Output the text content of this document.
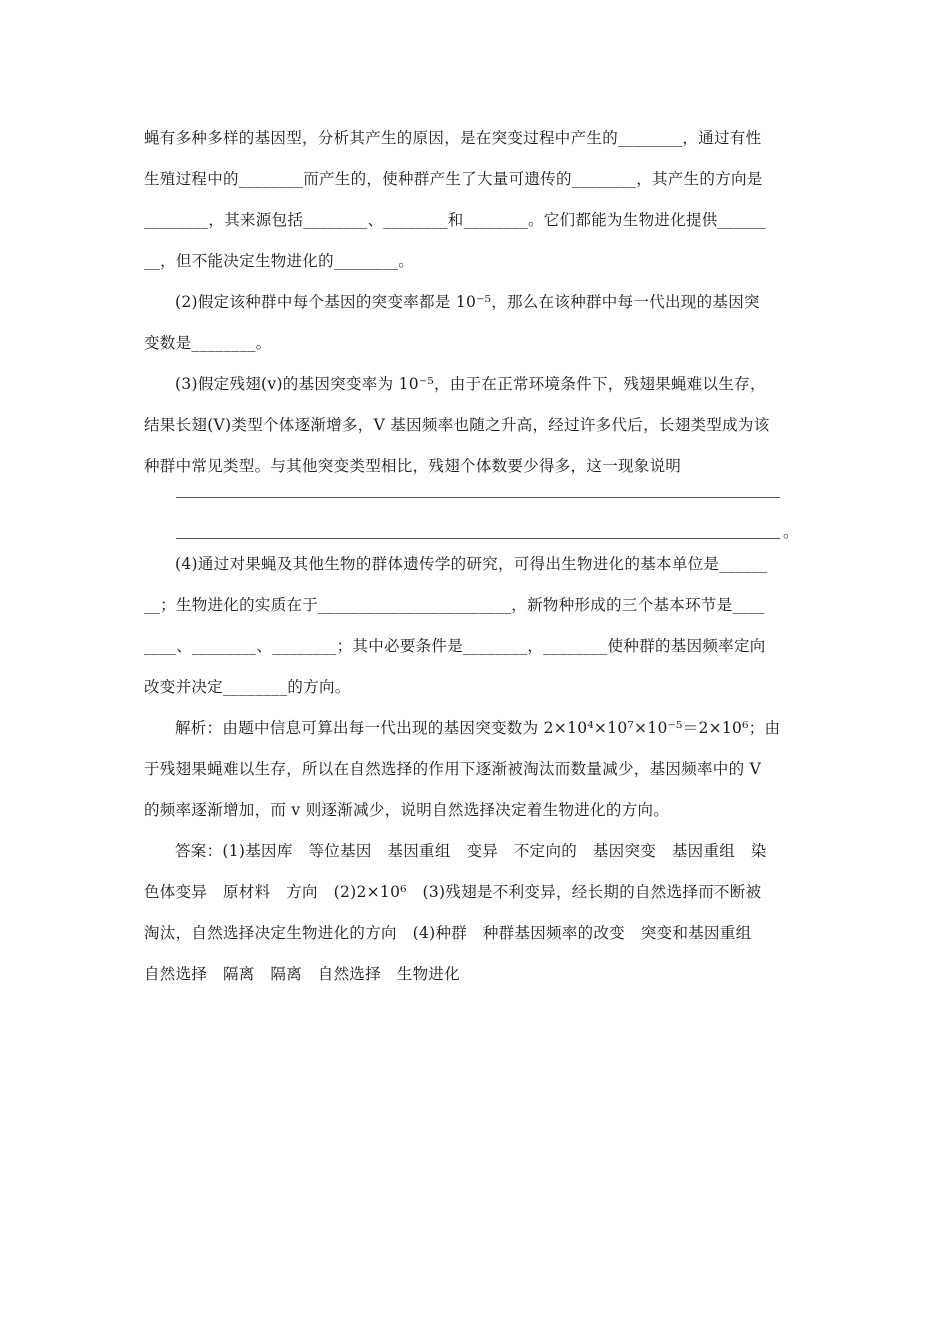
蝇有多种多样的基因型，分析其产生的原因，是在突变过程中产生的________，通过有性
生殖过程中的________而产生的，使种群产生了大量可遗传的________，其产生的方向是
________，其来源包括________、________和________。它们都能为生物进化提供______
__，但不能决定生物进化的________。
(2)假定该种群中每个基因的突变率都是 10⁻⁵，那么在该种群中每一代出现的基因突
变数是________。
(3)假定残翅(v)的基因突变率为 10⁻⁵，由于在正常环境条件下，残翅果蝇难以生存，
结果长翅(V)类型个体逐渐增多，V 基因频率也随之升高，经过许多代后，长翅类型成为该
种群中常见类型。与其他突变类型相比，残翅个体数要少得多，这一现象说明
。
(4)通过对果蝇及其他生物的群体遗传学的研究，可得出生物进化的基本单位是______
__；生物进化的实质在于________________________，新物种形成的三个基本环节是____
____、________、________；其中必要条件是________，________使种群的基因频率定向
改变并决定________的方向。
解析：由题中信息可算出每一代出现的基因突变数为 2×10⁴×10⁷×10⁻⁵＝2×10⁶；由
于残翅果蝇难以生存，所以在自然选择的作用下逐渐被淘汰而数量减少，基因频率中的 V
的频率逐渐增加，而 v 则逐渐减少，说明自然选择决定着生物进化的方向。
答案：(1)基因库　等位基因　基因重组　变异　不定向的　基因突变　基因重组　染
色体变异　原材料　方向　(2)2×10⁶　(3)残翅是不利变异，经长期的自然选择而不断被
淘汰，自然选择决定生物进化的方向　(4)种群　种群基因频率的改变　突变和基因重组
自然选择　隔离　隔离　自然选择　生物进化
